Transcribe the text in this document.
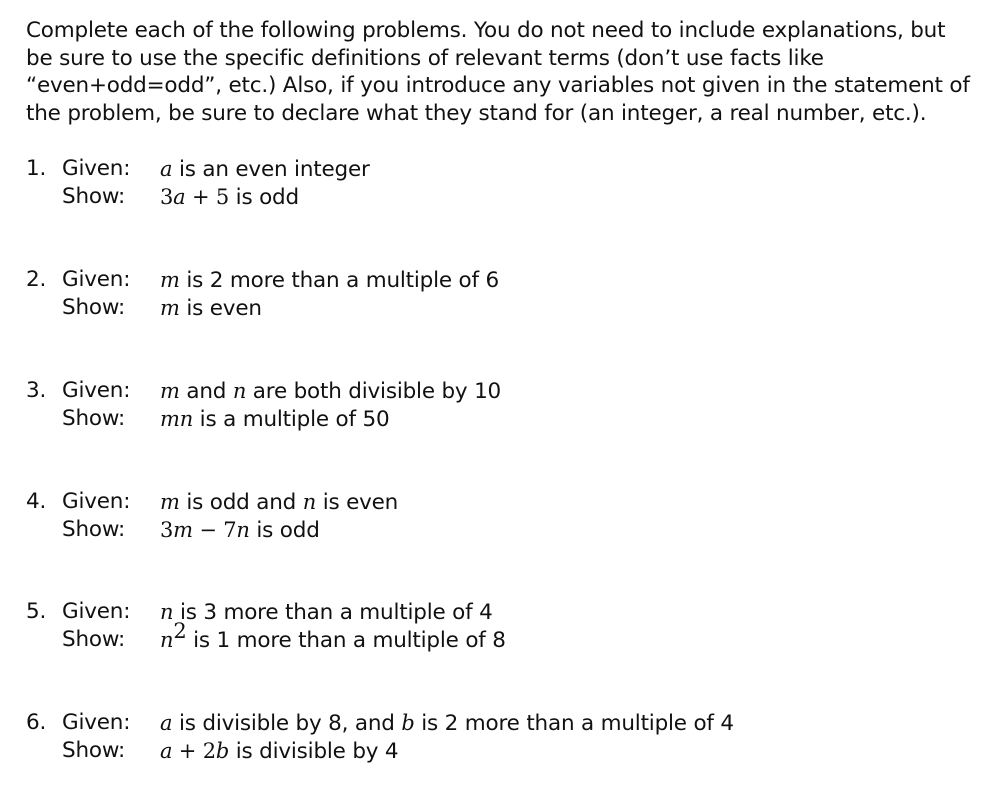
Complete each of the following problems. You do not need to include explanations, but be sure to use the specific definitions of relevant terms (don’t use facts like “even+odd=odd”, etc.) Also, if you introduce any variables not given in the statement of the problem, be sure to declare what they stand for (an integer, a real number, etc.).
1. Given: a is an even integer
Show: 3a + 5 is odd
2. Given: m is 2 more than a multiple of 6
Show: m is even
3. Given: m and n are both divisible by 10
Show: mn is a multiple of 50
4. Given: m is odd and n is even
Show: 3m − 7n is odd
5. Given: n is 3 more than a multiple of 4
Show: $n^2$ is 1 more than a multiple of 8
6. Given: a is divisible by 8, and b is 2 more than a multiple of 4
Show: a + 2b is divisible by 4
